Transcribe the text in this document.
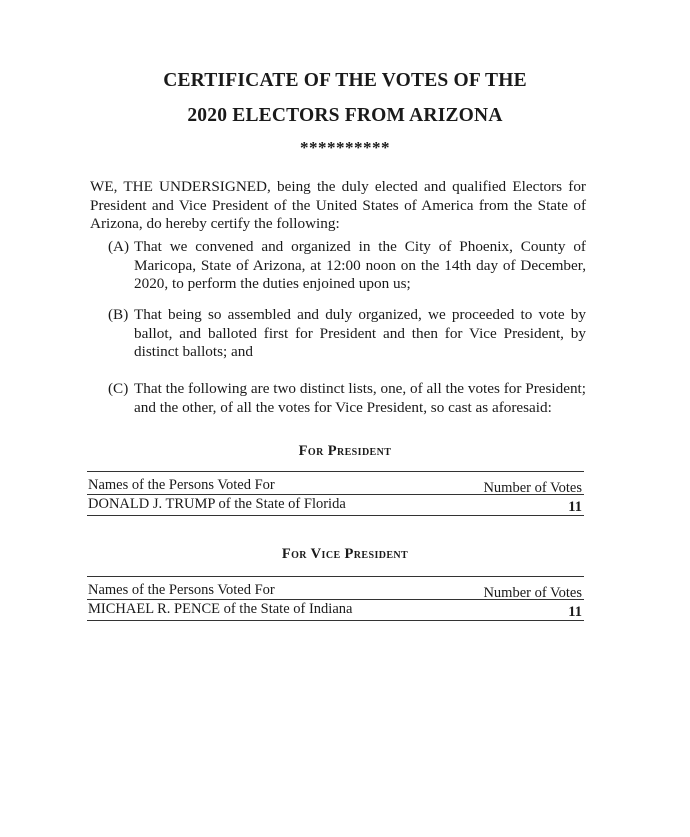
CERTIFICATE OF THE VOTES OF THE
2020 ELECTORS FROM ARIZONA
**********
WE, THE UNDERSIGNED, being the duly elected and qualified Electors for President and Vice President of the United States of America from the State of Arizona, do hereby certify the following:
(A) That we convened and organized in the City of Phoenix, County of Maricopa, State of Arizona, at 12:00 noon on the 14th day of December, 2020, to perform the duties enjoined upon us;
(B) That being so assembled and duly organized, we proceeded to vote by ballot, and balloted first for President and then for Vice President, by distinct ballots; and
(C) That the following are two distinct lists, one, of all the votes for President; and the other, of all the votes for Vice President, so cast as aforesaid:
For President
Names of the Persons Voted For	Number of Votes
DONALD J. TRUMP of the State of Florida	11
For Vice President
Names of the Persons Voted For	Number of Votes
MICHAEL R. PENCE of the State of Indiana	11
